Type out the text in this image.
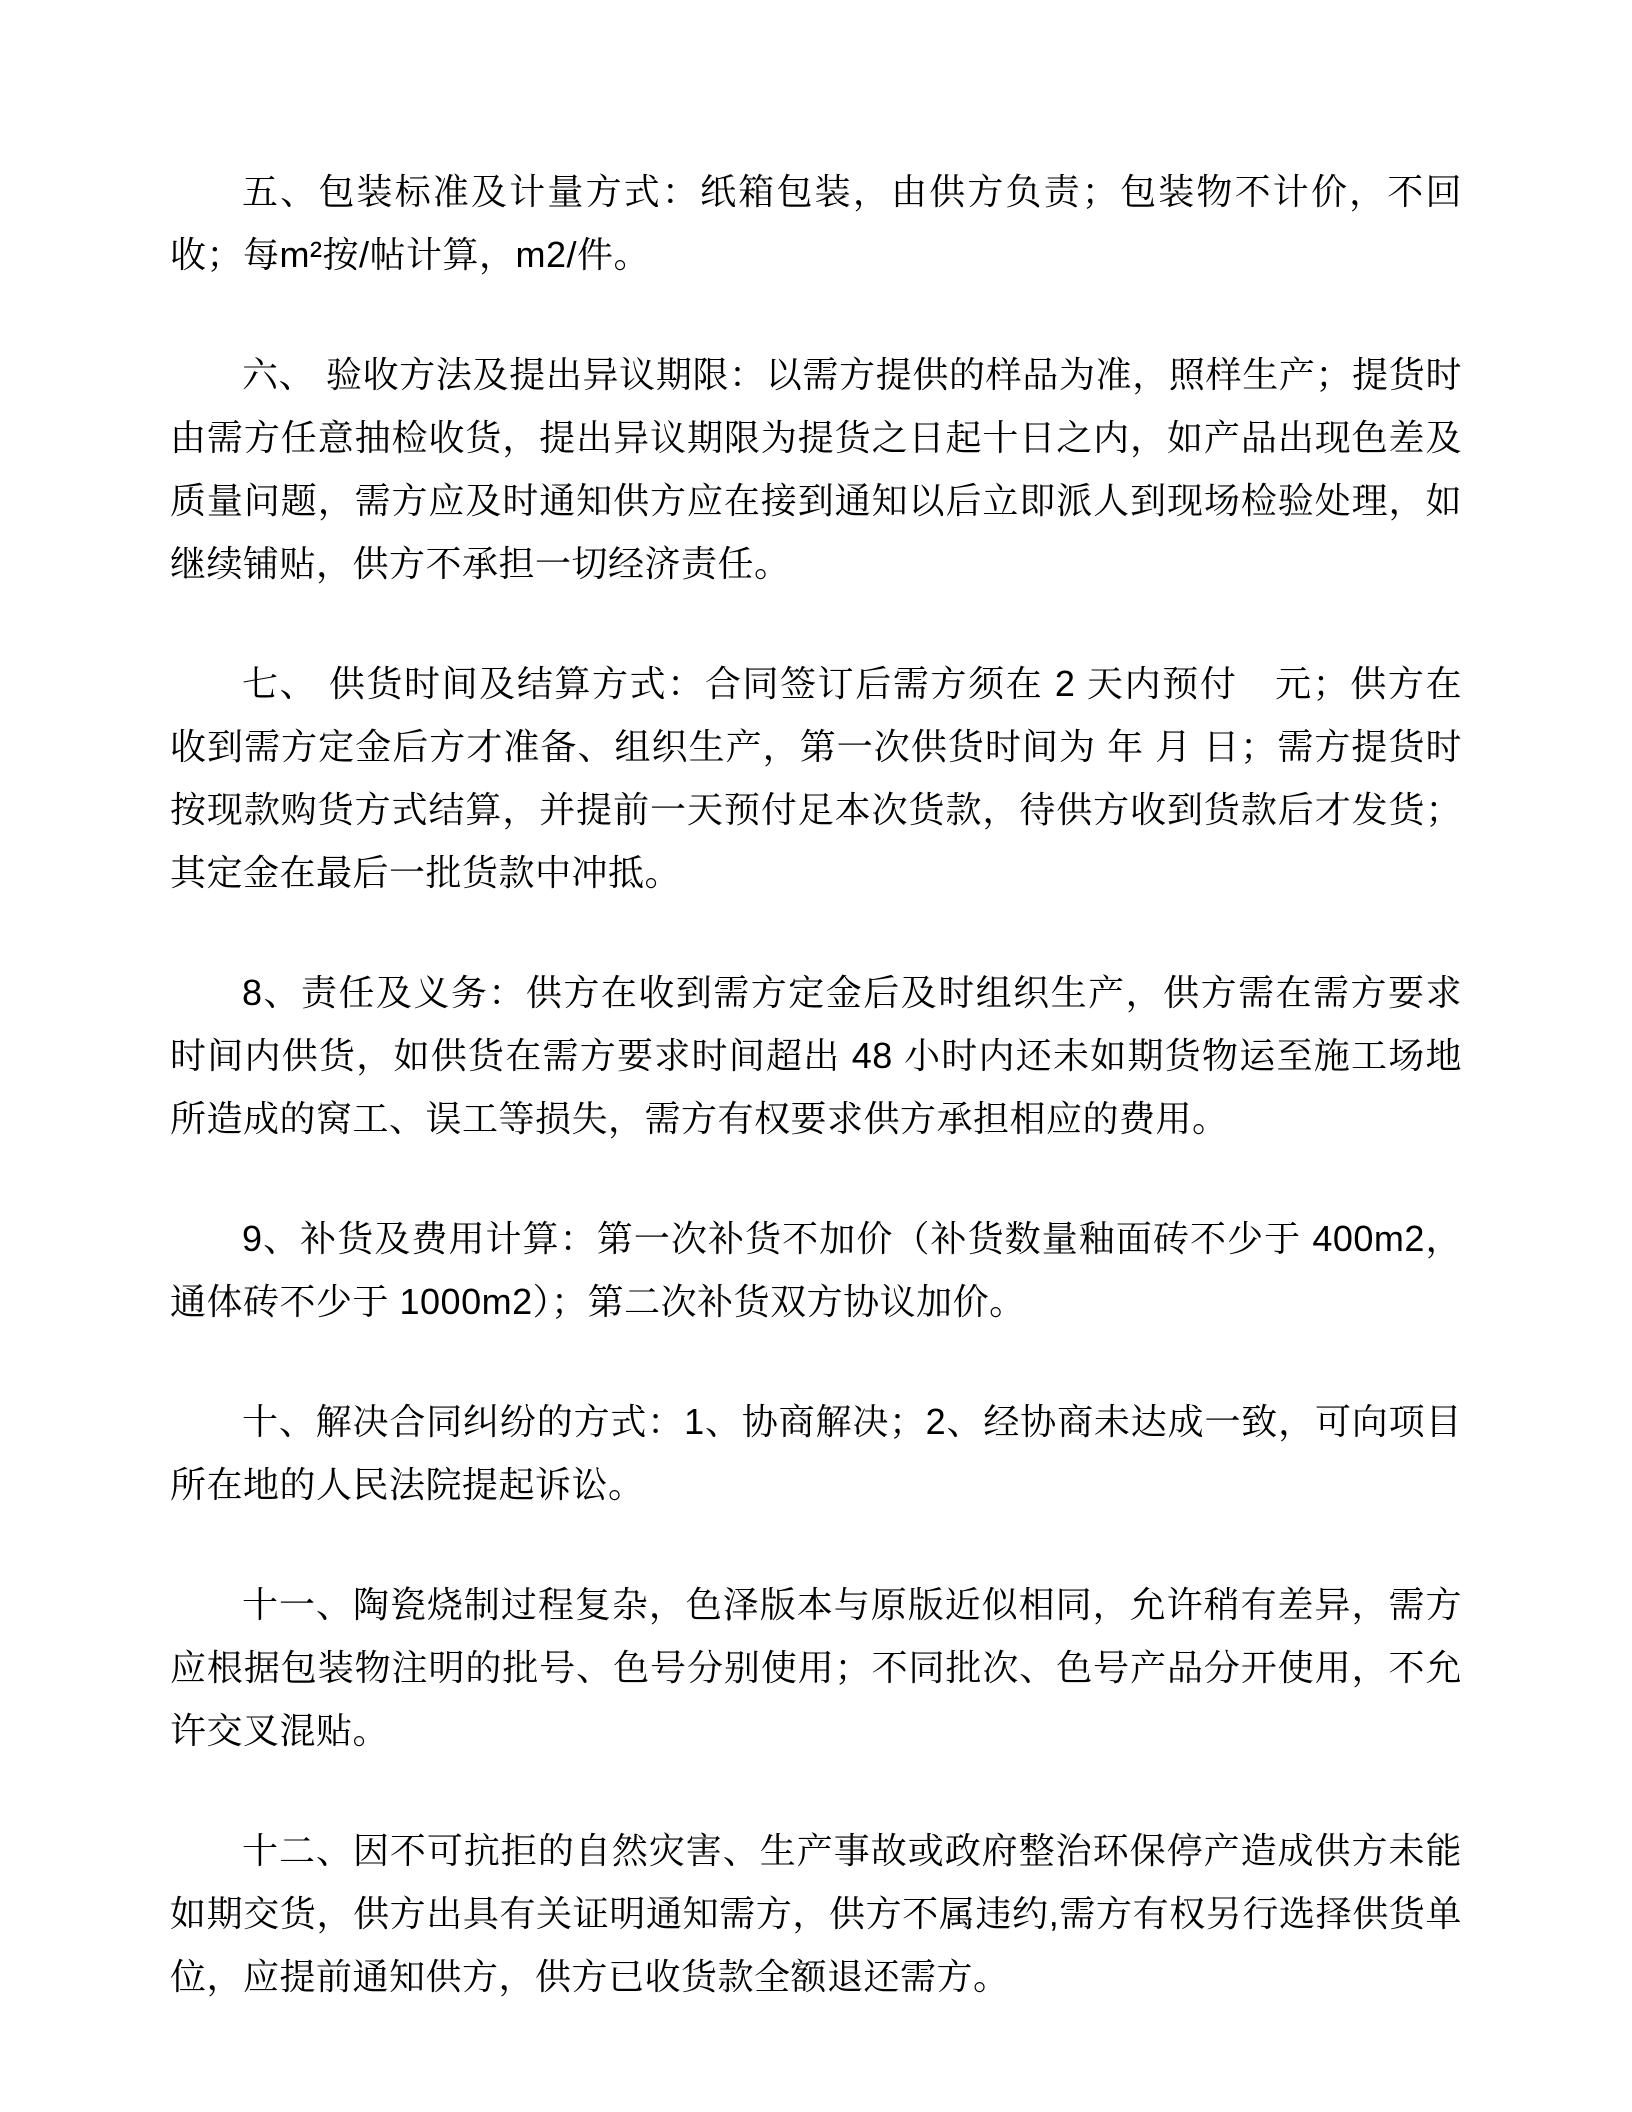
五、包装标准及计量方式：纸箱包装，由供方负责；包装物不计价，不回收；每m²按/帖计算，m2/件。

六、 验收方法及提出异议期限：以需方提供的样品为准，照样生产；提货时由需方任意抽检收货，提出异议期限为提货之日起十日之内，如产品出现色差及质量问题，需方应及时通知供方应在接到通知以后立即派人到现场检验处理，如继续铺贴，供方不承担一切经济责任。

七、 供货时间及结算方式：合同签订后需方须在 2 天内预付　元；供方在收到需方定金后方才准备、组织生产，第一次供货时间为 年 月 日；需方提货时按现款购货方式结算，并提前一天预付足本次货款，待供方收到货款后才发货；其定金在最后一批货款中冲抵。

8、责任及义务：供方在收到需方定金后及时组织生产，供方需在需方要求时间内供货，如供货在需方要求时间超出 48 小时内还未如期货物运至施工场地所造成的窝工、误工等损失，需方有权要求供方承担相应的费用。

9、补货及费用计算：第一次补货不加价（补货数量釉面砖不少于 400m2，通体砖不少于 1000m2）；第二次补货双方协议加价。

十、解决合同纠纷的方式：1、协商解决；2、经协商未达成一致，可向项目所在地的人民法院提起诉讼。

十一、陶瓷烧制过程复杂，色泽版本与原版近似相同，允许稍有差异，需方应根据包装物注明的批号、色号分别使用；不同批次、色号产品分开使用，不允许交叉混贴。

十二、因不可抗拒的自然灾害、生产事故或政府整治环保停产造成供方未能如期交货，供方出具有关证明通知需方，供方不属违约,需方有权另行选择供货单位，应提前通知供方，供方已收货款全额退还需方。
